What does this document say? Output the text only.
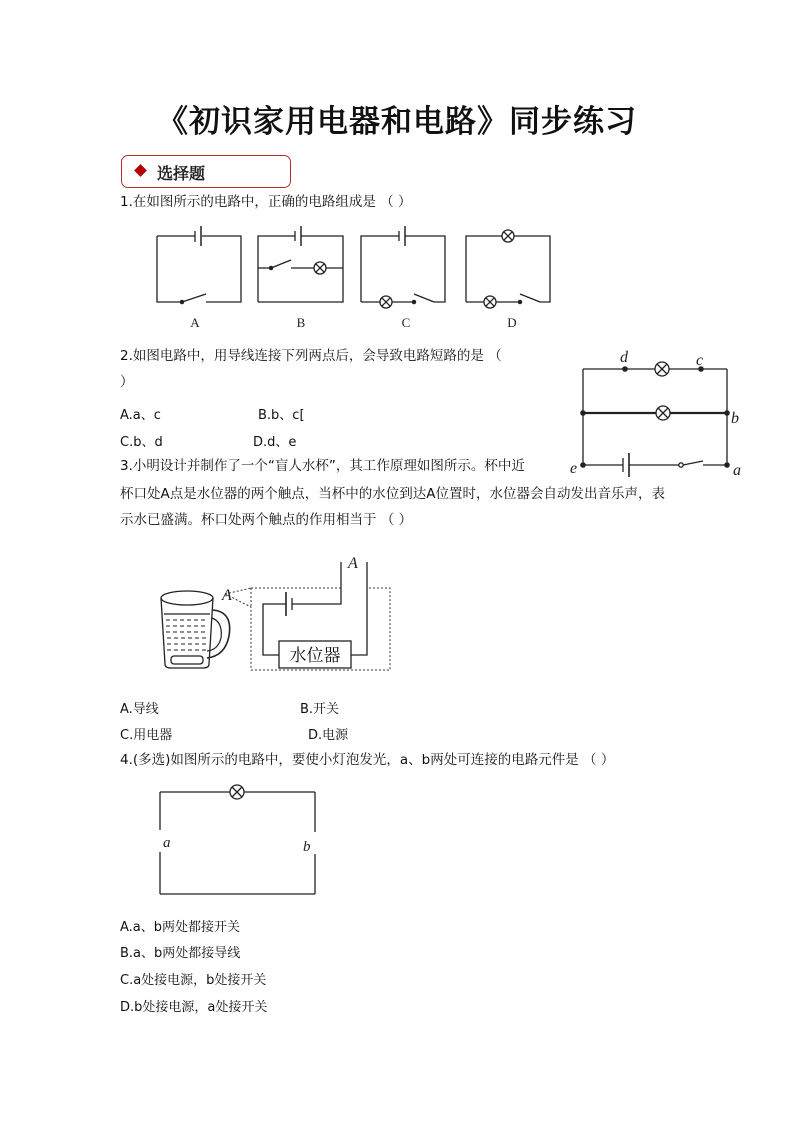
《初识家用电器和电路》同步练习
选择题
1.在如图所示的电路中，正确的电路组成是 （ ）
A	B	C	D
2.如图电路中，用导线连接下列两点后，会导致电路短路的是 （
）
A.a、c	B.b、c[
C.b、d	D.d、e
d	c
b
e	a
3.小明设计并制作了一个“盲人水杯”，其工作原理如图所示。杯中近
杯口处A点是水位器的两个触点，当杯中的水位到达A位置时，水位器会自动发出音乐声，表
示水已盛满。杯口处两个触点的作用相当于 （ ）
A
A
水位器
A.导线	B.开关
C.用电器	D.电源
4.(多选)如图所示的电路中，要使小灯泡发光，a、b两处可连接的电路元件是 （ ）
a	b
A.a、b两处都接开关
B.a、b两处都接导线
C.a处接电源，b处接开关
D.b处接电源，a处接开关
